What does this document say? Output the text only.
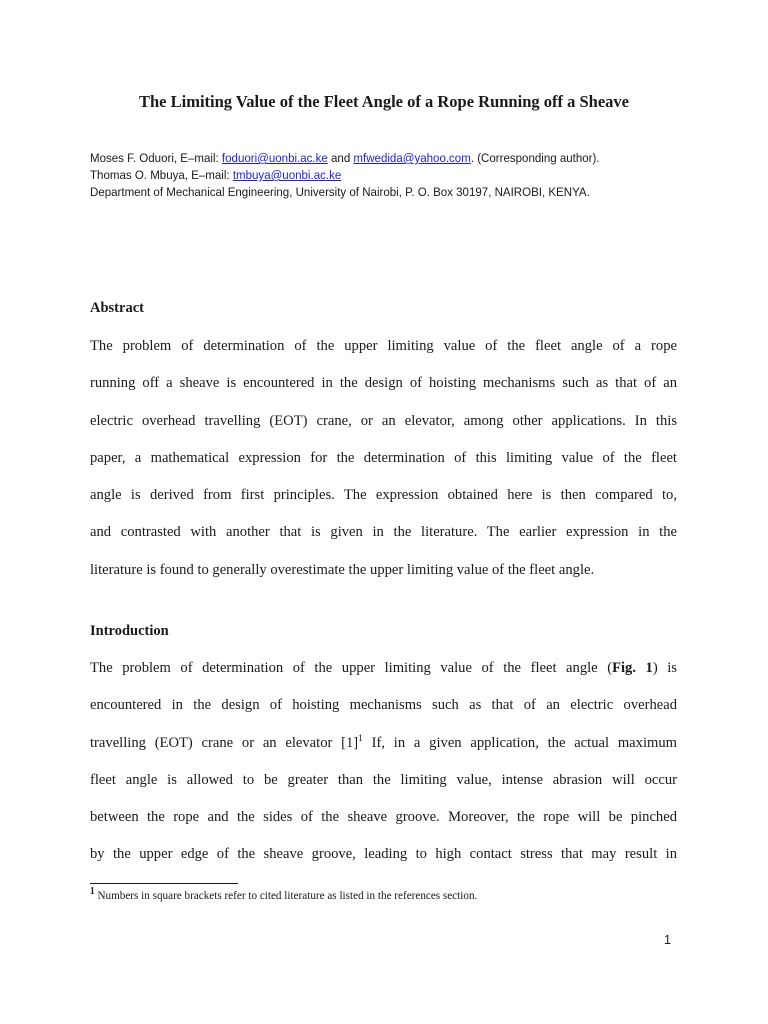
The Limiting Value of the Fleet Angle of a Rope Running off a Sheave
Moses F. Oduori, E–mail: foduori@uonbi.ac.ke and mfwedida@yahoo.com. (Corresponding author).
Thomas O. Mbuya, E–mail: tmbuya@uonbi.ac.ke
Department of Mechanical Engineering, University of Nairobi, P. O. Box 30197, NAIROBI, KENYA.
Abstract
The problem of determination of the upper limiting value of the fleet angle of a rope
running off a sheave is encountered in the design of hoisting mechanisms such as that of an
electric overhead travelling (EOT) crane, or an elevator, among other applications. In this
paper, a mathematical expression for the determination of this limiting value of the fleet
angle is derived from first principles. The expression obtained here is then compared to,
and contrasted with another that is given in the literature. The earlier expression in the
literature is found to generally overestimate the upper limiting value of the fleet angle.
Introduction
The problem of determination of the upper limiting value of the fleet angle (Fig. 1) is
encountered in the design of hoisting mechanisms such as that of an electric overhead
travelling (EOT) crane or an elevator $[1]^1$ If, in a given application, the actual maximum
fleet angle is allowed to be greater than the limiting value, intense abrasion will occur
between the rope and the sides of the sheave groove. Moreover, the rope will be pinched
by the upper edge of the sheave groove, leading to high contact stress that may result in
$^1$ Numbers in square brackets refer to cited literature as listed in the references section.
1
